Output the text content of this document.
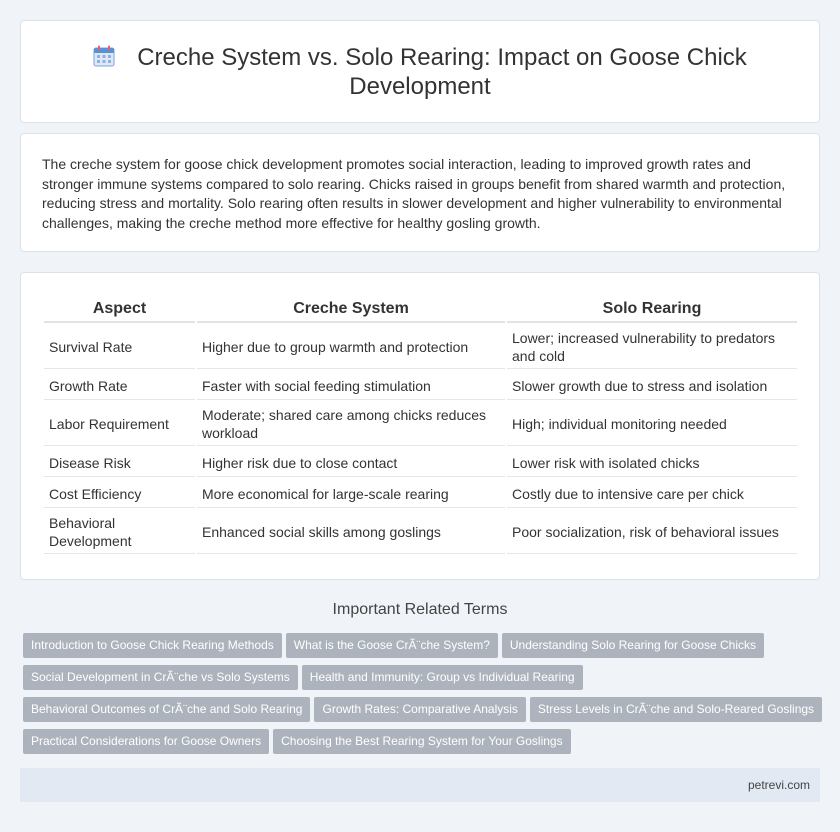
Creche System vs. Solo Rearing: Impact on Goose Chick Development

The creche system for goose chick development promotes social interaction, leading to improved growth rates and stronger immune systems compared to solo rearing. Chicks raised in groups benefit from shared warmth and protection, reducing stress and mortality. Solo rearing often results in slower development and higher vulnerability to environmental challenges, making the creche method more effective for healthy gosling growth.

Aspect	Creche System	Solo Rearing
Survival Rate	Higher due to group warmth and protection	Lower; increased vulnerability to predators and cold
Growth Rate	Faster with social feeding stimulation	Slower growth due to stress and isolation
Labor Requirement	Moderate; shared care among chicks reduces workload	High; individual monitoring needed
Disease Risk	Higher risk due to close contact	Lower risk with isolated chicks
Cost Efficiency	More economical for large-scale rearing	Costly due to intensive care per chick
Behavioral Development	Enhanced social skills among goslings	Poor socialization, risk of behavioral issues
Important Related Terms
Introduction to Goose Chick Rearing Methods What is the Goose CrÃ¨che System? Understanding Solo Rearing for Goose Chicks
Social Development in CrÃ¨che vs Solo Systems Health and Immunity: Group vs Individual Rearing
Behavioral Outcomes of CrÃ¨che and Solo Rearing Growth Rates: Comparative Analysis Stress Levels in CrÃ¨che and Solo-Reared Goslings
Practical Considerations for Goose Owners Choosing the Best Rearing System for Your Goslings
petrevi.com
